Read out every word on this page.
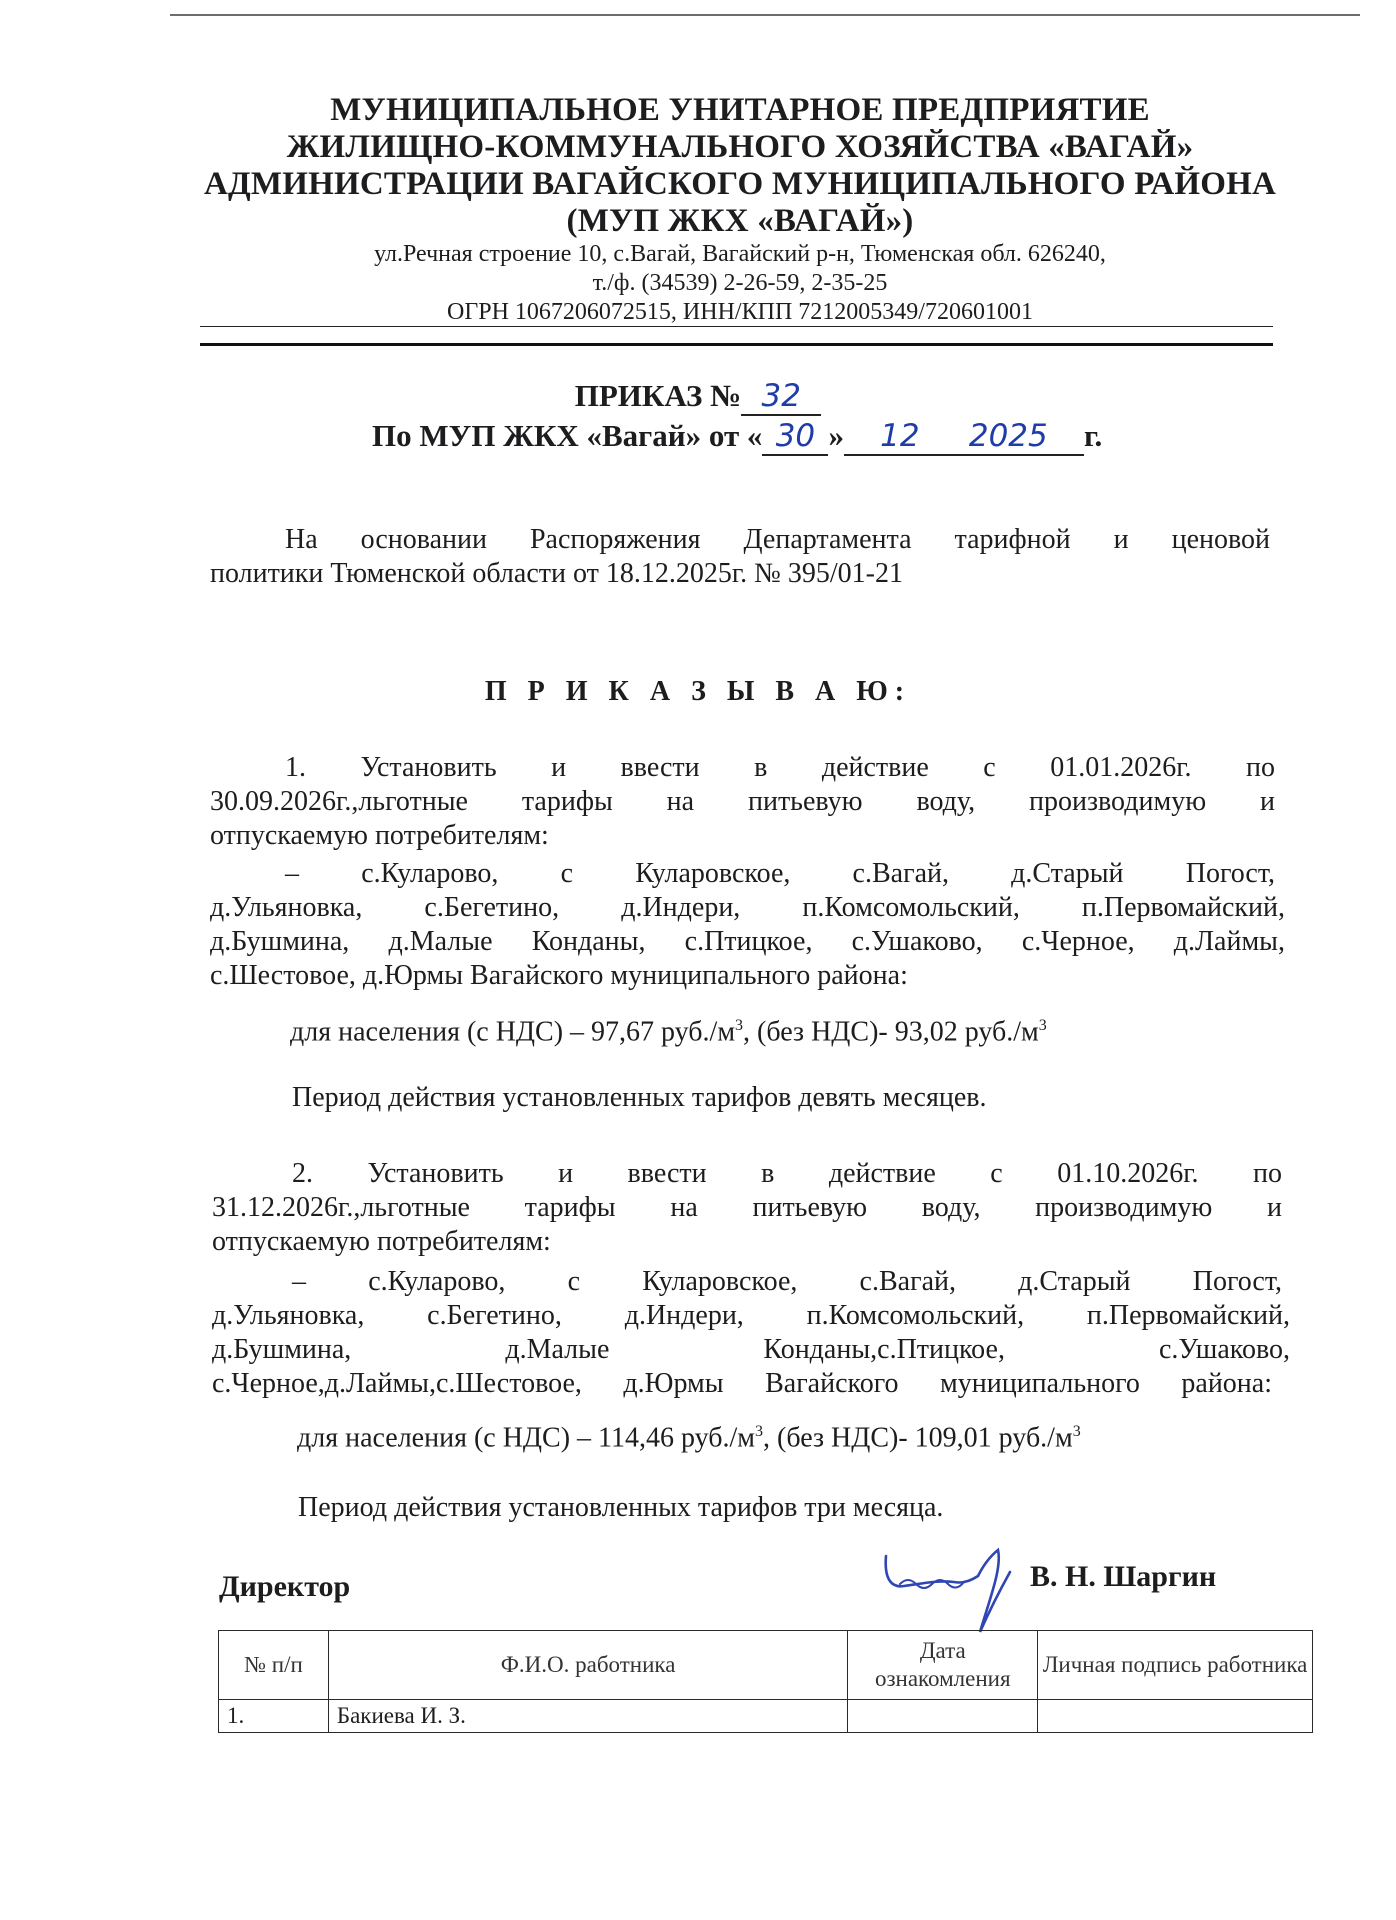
МУНИЦИПАЛЬНОЕ УНИТАРНОЕ ПРЕДПРИЯТИЕ
ЖИЛИЩНО-КОММУНАЛЬНОГО ХОЗЯЙСТВА «ВАГАЙ»
АДМИНИСТРАЦИИ ВАГАЙСКОГО МУНИЦИПАЛЬНОГО РАЙОНА
(МУП ЖКХ «ВАГАЙ»)
ул.Речная строение 10, с.Вагай, Вагайский р-н, Тюменская обл. 626240,
т./ф. (34539) 2-26-59, 2-35-25
ОГРН 1067206072515, ИНН/КПП 7212005349/720601001
ПРИКАЗ № 32
По МУП ЖКХ «Вагай» от « 30 » 12 2025 г.
На основании Распоряжения Департамента тарифной и ценовой
политики Тюменской области от 18.12.2025г. № 395/01-21
П Р И К А З Ы В А Ю:
1. Установить и ввести в действие с 01.01.2026г. по
30.09.2026г.,льготные тарифы на питьевую воду, производимую и
отпускаемую потребителям:
– с.Куларово, с Куларовское, с.Вагай, д.Старый Погост,
д.Ульяновка, с.Бегетино, д.Индери, п.Комсомольский, п.Первомайский,
д.Бушмина, д.Малые Конданы, с.Птицкое, с.Ушаково, с.Черное, д.Лаймы,
с.Шестовое, д.Юрмы Вагайского муниципального района:
для населения (с НДС) – 97,67 $руб./м^3$, (без НДС)- 93,02 $руб./м^3$
Период действия установленных тарифов девять месяцев.
2. Установить и ввести в действие с 01.10.2026г. по
31.12.2026г.,льготные тарифы на питьевую воду, производимую и
отпускаемую потребителям:
– с.Куларово, с Куларовское, с.Вагай, д.Старый Погост,
д.Ульяновка, с.Бегетино, д.Индери, п.Комсомольский, п.Первомайский,
д.Бушмина, д.Малые Конданы,с.Птицкое, с.Ушаково,
с.Черное,д.Лаймы,с.Шестовое, д.Юрмы Вагайского муниципального района:
для населения (с НДС) – 114,46 $руб./м^3$, (без НДС)- 109,01 $руб./м^3$
Период действия установленных тарифов три месяца.
Директор	В. Н. Шаргин
№ п/п	Ф.И.О. работника	Дата ознакомления	Личная подпись работника
1.	Бакиева И. З.		
